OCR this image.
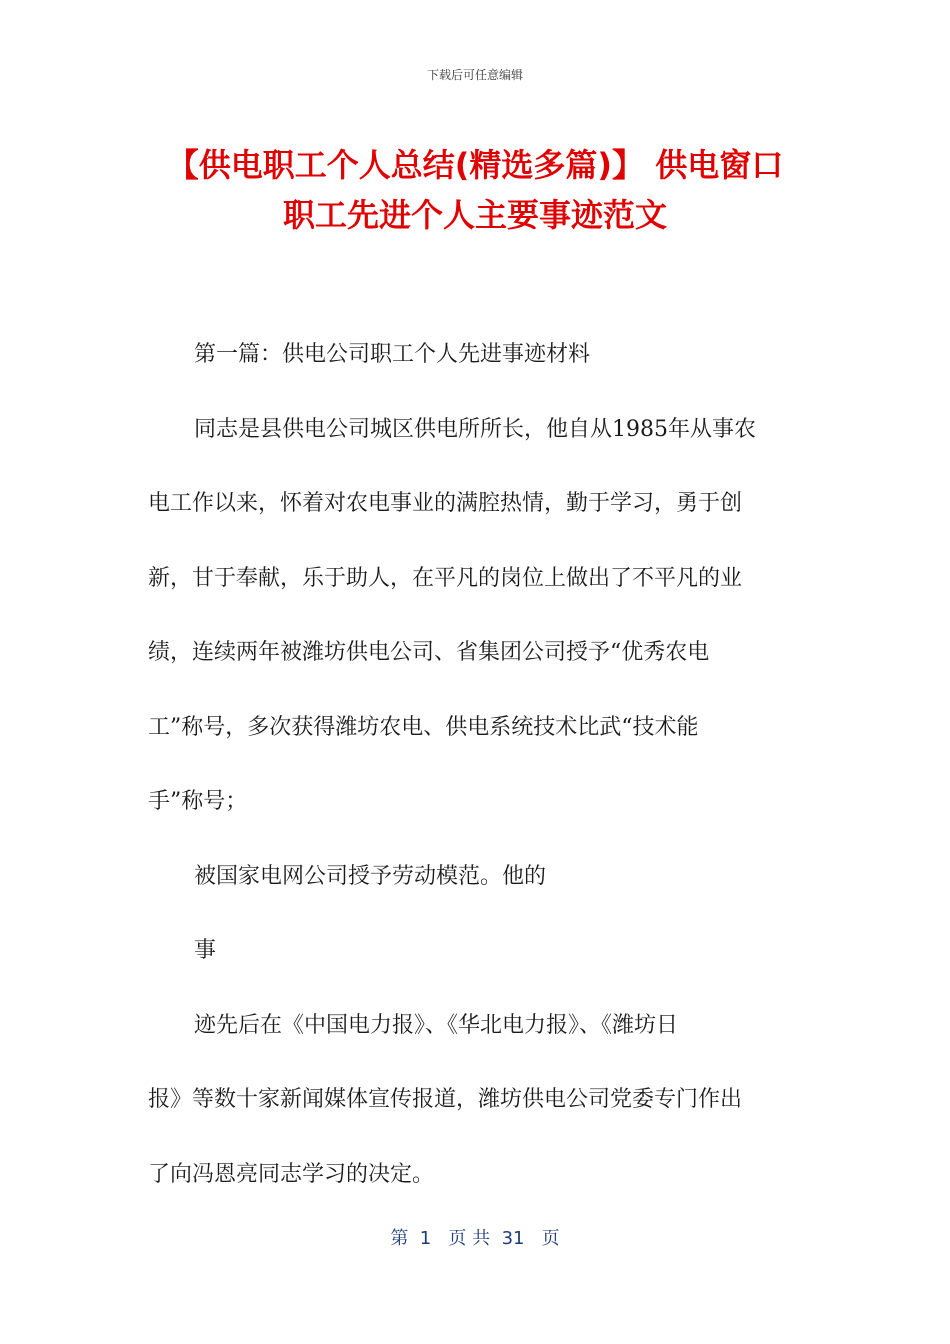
下载后可任意编辑
【供电职工个人总结(精选多篇)】 供电窗口
职工先进个人主要事迹范文
第一篇：供电公司职工个人先进事迹材料
同志是县供电公司城区供电所所长，他自从1985年从事农
电工作以来，怀着对农电事业的满腔热情，勤于学习，勇于创
新，甘于奉献，乐于助人，在平凡的岗位上做出了不平凡的业
绩，连续两年被潍坊供电公司、省集团公司授予“优秀农电
工”称号，多次获得潍坊农电、供电系统技术比武“技术能
手”称号；
被国家电网公司授予劳动模范。他的
事
迹先后在《中国电力报》、《华北电力报》、《潍坊日
报》等数十家新闻媒体宣传报道，潍坊供电公司党委专门作出
了向冯恩亮同志学习的决定。
第  1   页 共  31   页
